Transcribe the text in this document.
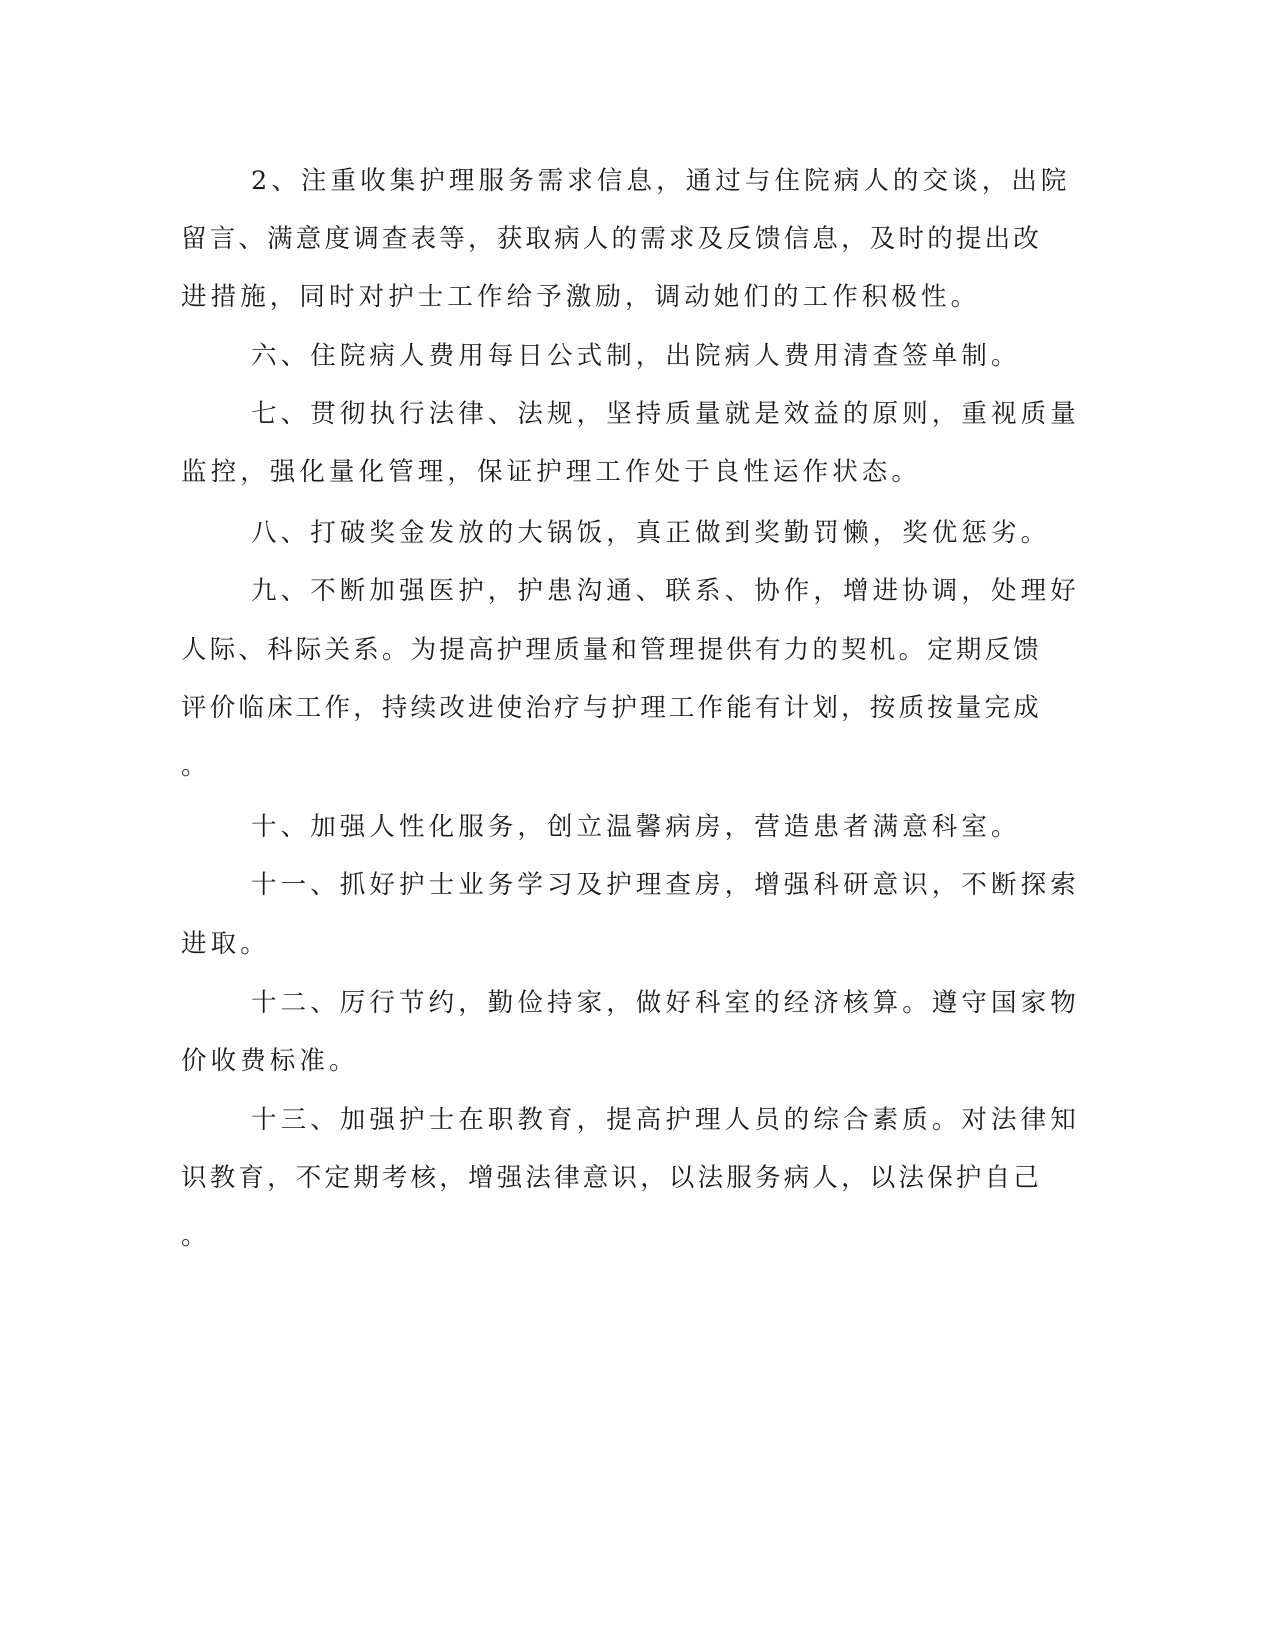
2、注重收集护理服务需求信息，通过与住院病人的交谈，出院
留言、满意度调查表等，获取病人的需求及反馈信息，及时的提出改
进措施，同时对护士工作给予激励，调动她们的工作积极性。
六、住院病人费用每日公式制，出院病人费用清查签单制。
七、贯彻执行法律、法规，坚持质量就是效益的原则，重视质量
监控，强化量化管理，保证护理工作处于良性运作状态。
八、打破奖金发放的大锅饭，真正做到奖勤罚懒，奖优惩劣。
九、不断加强医护，护患沟通、联系、协作，增进协调，处理好
人际、科际关系。为提高护理质量和管理提供有力的契机。定期反馈
评价临床工作，持续改进使治疗与护理工作能有计划，按质按量完成
。
十、加强人性化服务，创立温馨病房，营造患者满意科室。
十一、抓好护士业务学习及护理查房，增强科研意识，不断探索
进取。
十二、厉行节约，勤俭持家，做好科室的经济核算。遵守国家物
价收费标准。
十三、加强护士在职教育，提高护理人员的综合素质。对法律知
识教育，不定期考核，增强法律意识，以法服务病人，以法保护自己
。
